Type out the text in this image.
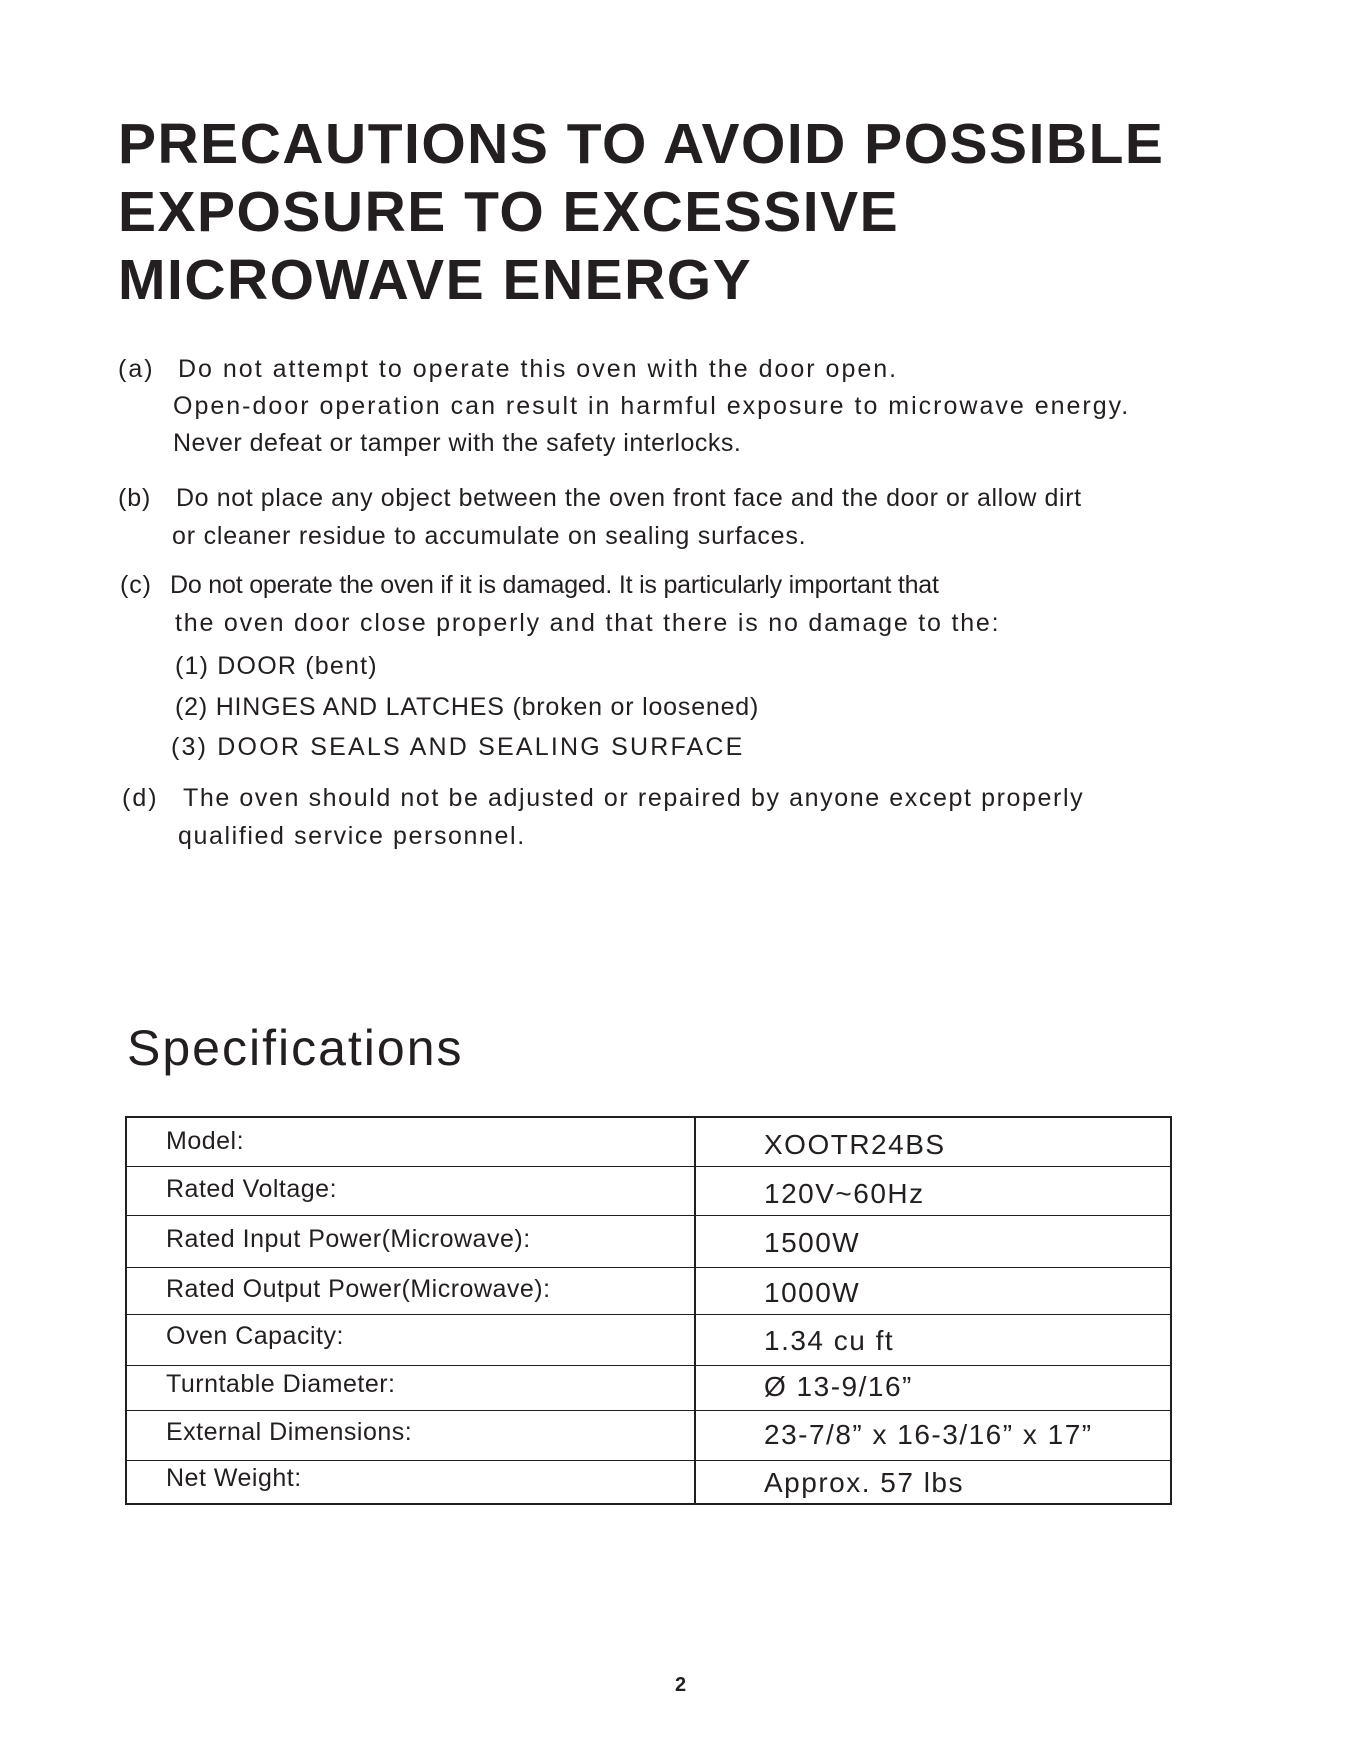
PRECAUTIONS TO AVOID POSSIBLE
EXPOSURE TO EXCESSIVE
MICROWAVE ENERGY
(a) Do not attempt to operate this oven with the door open.
Open-door operation can result in harmful exposure to microwave energy.
Never defeat or tamper with the safety interlocks.
(b) Do not place any object between the oven front face and the door or allow dirt
or cleaner residue to accumulate on sealing surfaces.
(c) Do not operate the oven if it is damaged. It is particularly important that
the oven door close properly and that there is no damage to the:
(1) DOOR (bent)
(2) HINGES AND LATCHES (broken or loosened)
(3) DOOR SEALS AND SEALING SURFACE
(d) The oven should not be adjusted or repaired by anyone except properly
qualified service personnel.
Specifications
Model:	XOOTR24BS
Rated Voltage:	120V~60Hz
Rated Input Power(Microwave):	1500W
Rated Output Power(Microwave):	1000W
Oven Capacity:	1.34 cu ft
Turntable Diameter:	Ø 13-9/16”
External Dimensions:	23-7/8” x 16-3/16” x 17”
Net Weight:	Approx. 57 lbs
2
